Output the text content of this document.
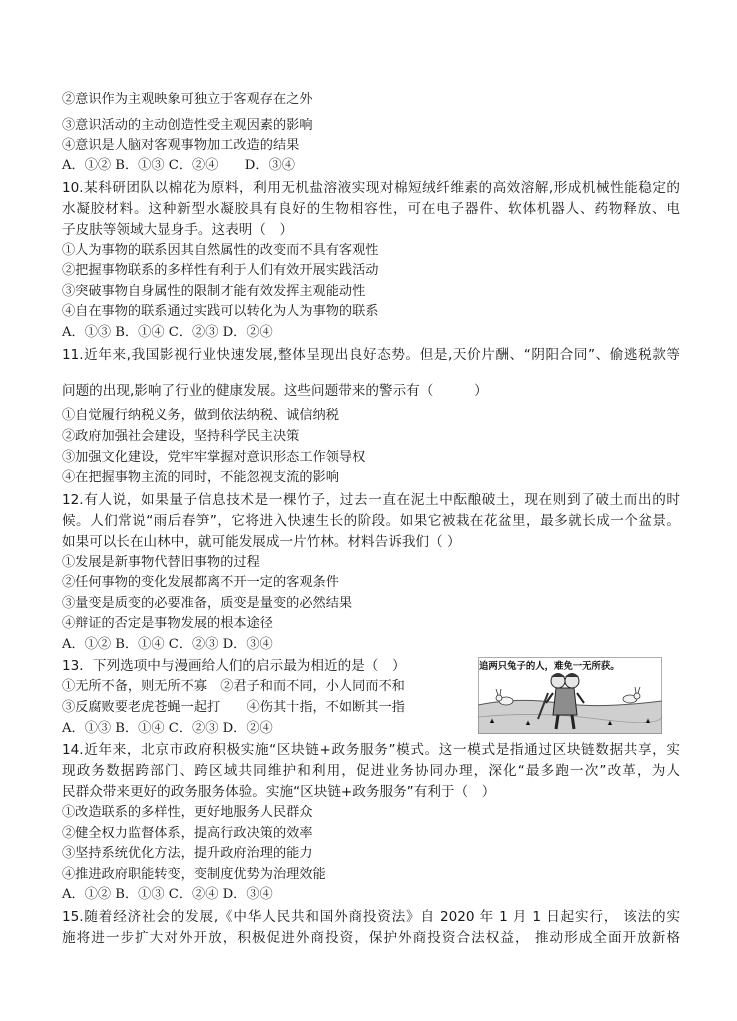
②意识作为主观映象可独立于客观存在之外
③意识活动的主动创造性受主观因素的影响
④意识是人脑对客观事物加工改造的结果
A．①② B．①③ C．②④　　D．③④
10.某科研团队以棉花为原料，利用无机盐溶液实现对棉短绒纤维素的高效溶解,形成机械性能稳定的
水凝胶材料。这种新型水凝胶具有良好的生物相容性，可在电子器件、软体机器人、药物释放、电
子皮肤等领域大显身手。这表明（　）
①人为事物的联系因其自然属性的改变而不具有客观性
②把握事物联系的多样性有利于人们有效开展实践活动
③突破事物自身属性的限制才能有效发挥主观能动性
④自在事物的联系通过实践可以转化为人为事物的联系
A．①③ B．①④ C．②③ D．②④
11.近年来,我国影视行业快速发展,整体呈现出良好态势。但是,天价片酬、“阴阳合同”、偷逃税款等
问题的出现,影响了行业的健康发展。这些问题带来的警示有（　　　）
①自觉履行纳税义务，做到依法纳税、诚信纳税
②政府加强社会建设，坚持科学民主决策
③加强文化建设，党牢牢掌握对意识形态工作领导权
④在把握事物主流的同时，不能忽视支流的影响
12.有人说，如果量子信息技术是一棵竹子，过去一直在泥土中酝酿破土，现在则到了破土而出的时
候。人们常说“雨后春笋”，它将进入快速生长的阶段。如果它被栽在花盆里，最多就长成一个盆景。
如果可以长在山林中，就可能发展成一片竹林。材料告诉我们（ ）
①发展是新事物代替旧事物的过程
②任何事物的变化发展都离不开一定的客观条件
③量变是质变的必要准备，质变是量变的必然结果
④辩证的否定是事物发展的根本途径
A．①② B．①④ C．②③ D．③④
13．下列选项中与漫画给人们的启示最为相近的是（　）
①无所不备，则无所不寡　②君子和而不同，小人同而不和
③反腐败要老虎苍蝇一起打　　④伤其十指，不如断其一指
A．①③ B．①④ C．②③ D．②④
追两只兔子的人，难免一无所获。
14.近年来，北京市政府积极实施“区块链+政务服务”模式。这一模式是指通过区块链数据共享，实
现政务数据跨部门、跨区域共同维护和利用，促进业务协同办理，深化“最多跑一次”改革，为人
民群众带来更好的政务服务体验。实施“区块链+政务服务”有利于（　）
①改造联系的多样性，更好地服务人民群众
②健全权力监督体系，提高行政决策的效率
③坚持系统优化方法，提升政府治理的能力
④推进政府职能转变，变制度优势为治理效能
A．①② B．①③ C．②④ D．③④
15.随着经济社会的发展,《中华人民共和国外商投资法》自 2020 年 1 月 1 日起实行， 该法的实
施将进一步扩大对外开放，积极促进外商投资，保护外商投资合法权益， 推动形成全面开放新格
